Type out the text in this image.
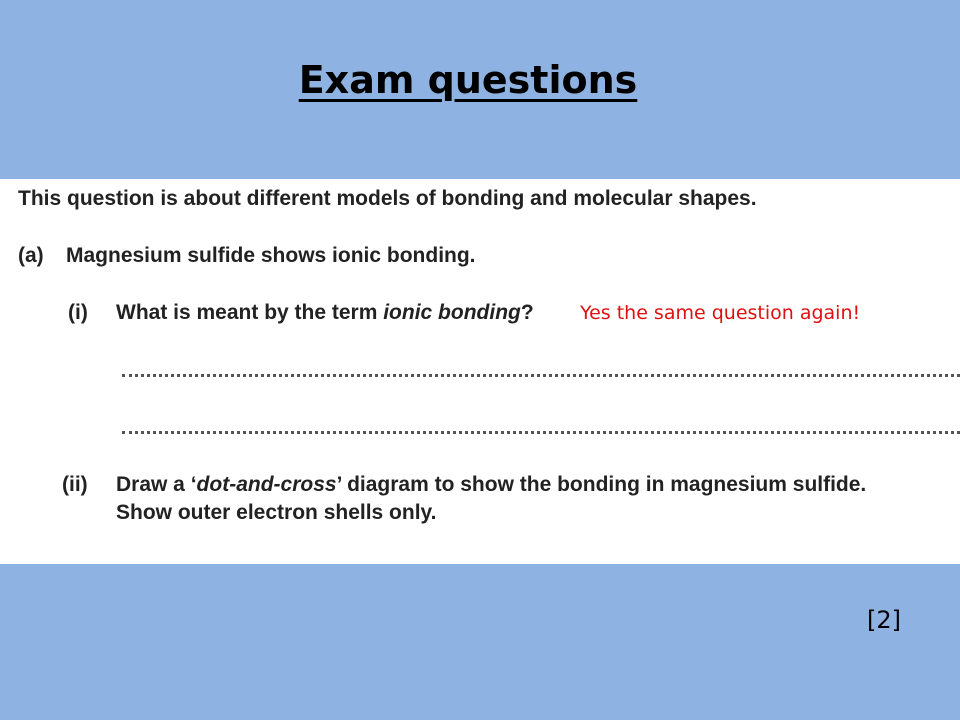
Exam questions
This question is about different models of bonding and molecular shapes.
(a) Magnesium sulfide shows ionic bonding.
(i) What is meant by the term ionic bonding? Yes the same question again!
(ii) Draw a ‘dot-and-cross’ diagram to show the bonding in magnesium sulfide.
Show outer electron shells only.
[2]
